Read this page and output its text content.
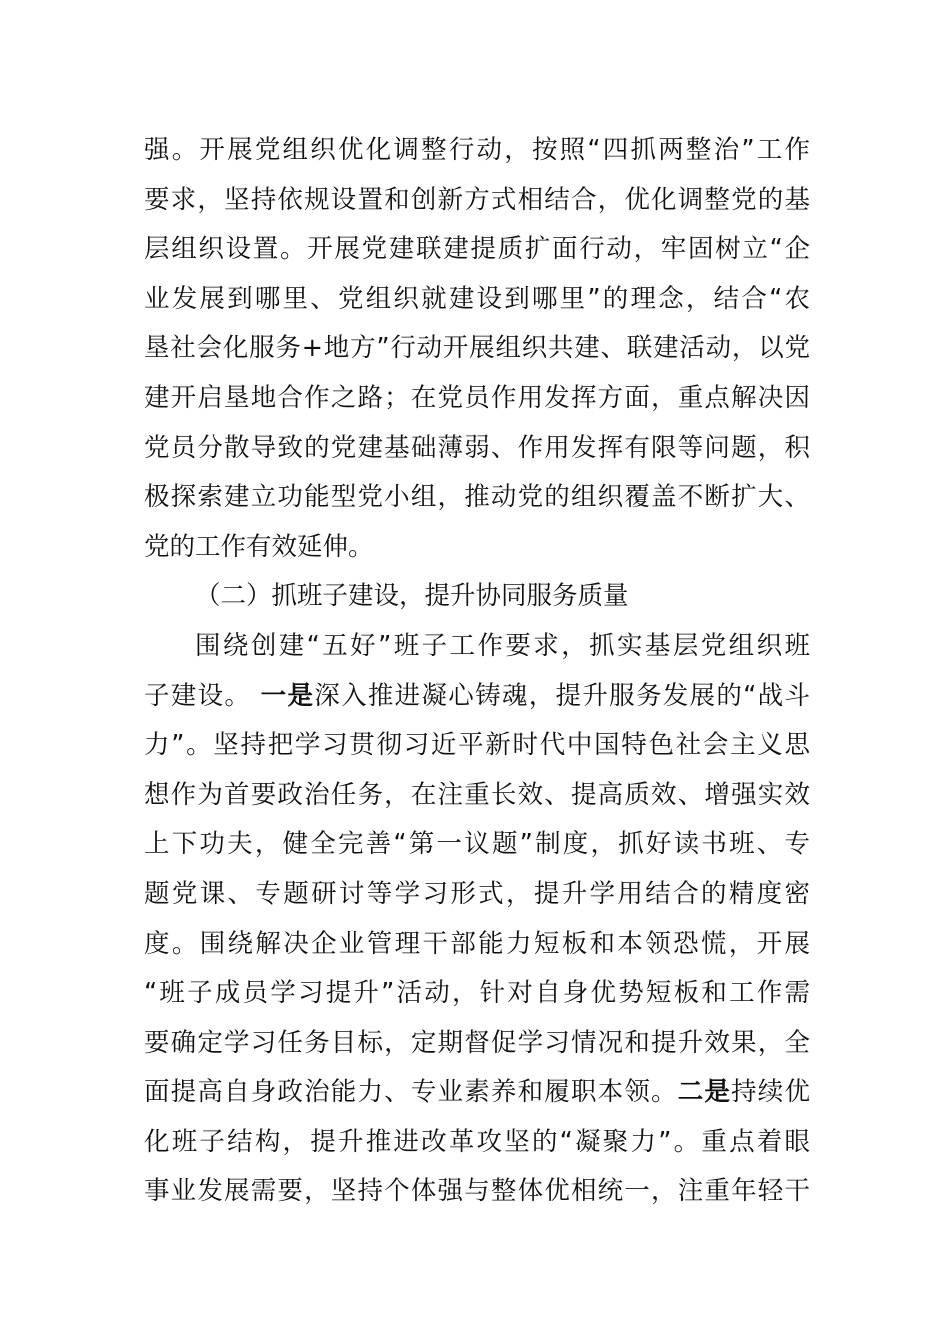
强。开展党组织优化调整行动，按照“四抓两整治”工作
要求，坚持依规设置和创新方式相结合，优化调整党的基
层组织设置。开展党建联建提质扩面行动，牢固树立“企
业发展到哪里、党组织就建设到哪里”的理念，结合“农
垦社会化服务+地方”行动开展组织共建、联建活动，以党
建开启垦地合作之路；在党员作用发挥方面，重点解决因
党员分散导致的党建基础薄弱、作用发挥有限等问题，积
极探索建立功能型党小组，推动党的组织覆盖不断扩大、
党的工作有效延伸。
（二）抓班子建设，提升协同服务质量
围绕创建“五好”班子工作要求，抓实基层党组织班
子建设。 一是深入推进凝心铸魂，提升服务发展的“战斗
力”。坚持把学习贯彻习近平新时代中国特色社会主义思
想作为首要政治任务，在注重长效、提高质效、增强实效
上下功夫，健全完善“第一议题”制度，抓好读书班、专
题党课、专题研讨等学习形式，提升学用结合的精度密
度。围绕解决企业管理干部能力短板和本领恐慌，开展
“班子成员学习提升”活动，针对自身优势短板和工作需
要确定学习任务目标，定期督促学习情况和提升效果，全
面提高自身政治能力、专业素养和履职本领。二是持续优
化班子结构，提升推进改革攻坚的“凝聚力”。重点着眼
事业发展需要，坚持个体强与整体优相统一，注重年轻干
